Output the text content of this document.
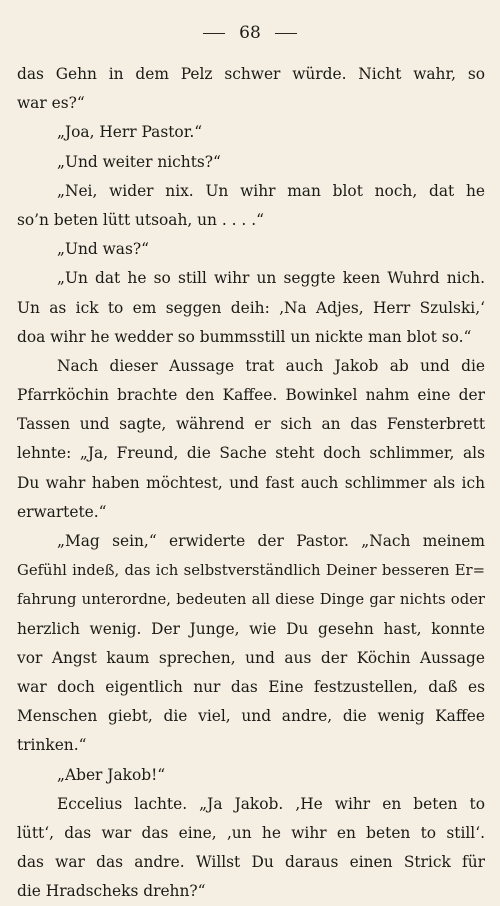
68
das Gehn in dem Pelz schwer würde. Nicht wahr, so
war es?“
„Joa, Herr Pastor.“
„Und weiter nichts?“
„Nei, wider nix. Un wihr man blot noch, dat he
so’n beten lütt utsoah, un . . . .“
„Und was?“
„Un dat he so still wihr un seggte keen Wuhrd nich.
Un as ick to em seggen deih: ‚Na Adjes, Herr Szulski,‘
doa wihr he wedder so bummsstill un nickte man blot so.“
Nach dieser Aussage trat auch Jakob ab und die
Pfarrköchin brachte den Kaffee. Bowinkel nahm eine der
Tassen und sagte, während er sich an das Fensterbrett
lehnte: „Ja, Freund, die Sache steht doch schlimmer, als
Du wahr haben möchtest, und fast auch schlimmer als ich
erwartete.“
„Mag sein,“ erwiderte der Pastor. „Nach meinem
Gefühl indeß, das ich selbstverständlich Deiner besseren Er=
fahrung unterordne, bedeuten all diese Dinge gar nichts oder
herzlich wenig. Der Junge, wie Du gesehn hast, konnte
vor Angst kaum sprechen, und aus der Köchin Aussage
war doch eigentlich nur das Eine festzustellen, daß es
Menschen giebt, die viel, und andre, die wenig Kaffee
trinken.“
„Aber Jakob!“
Eccelius lachte. „Ja Jakob. ‚He wihr en beten to
lütt‘, das war das eine, ‚un he wihr en beten to still‘.
das war das andre. Willst Du daraus einen Strick für
die Hradscheks drehn?“
